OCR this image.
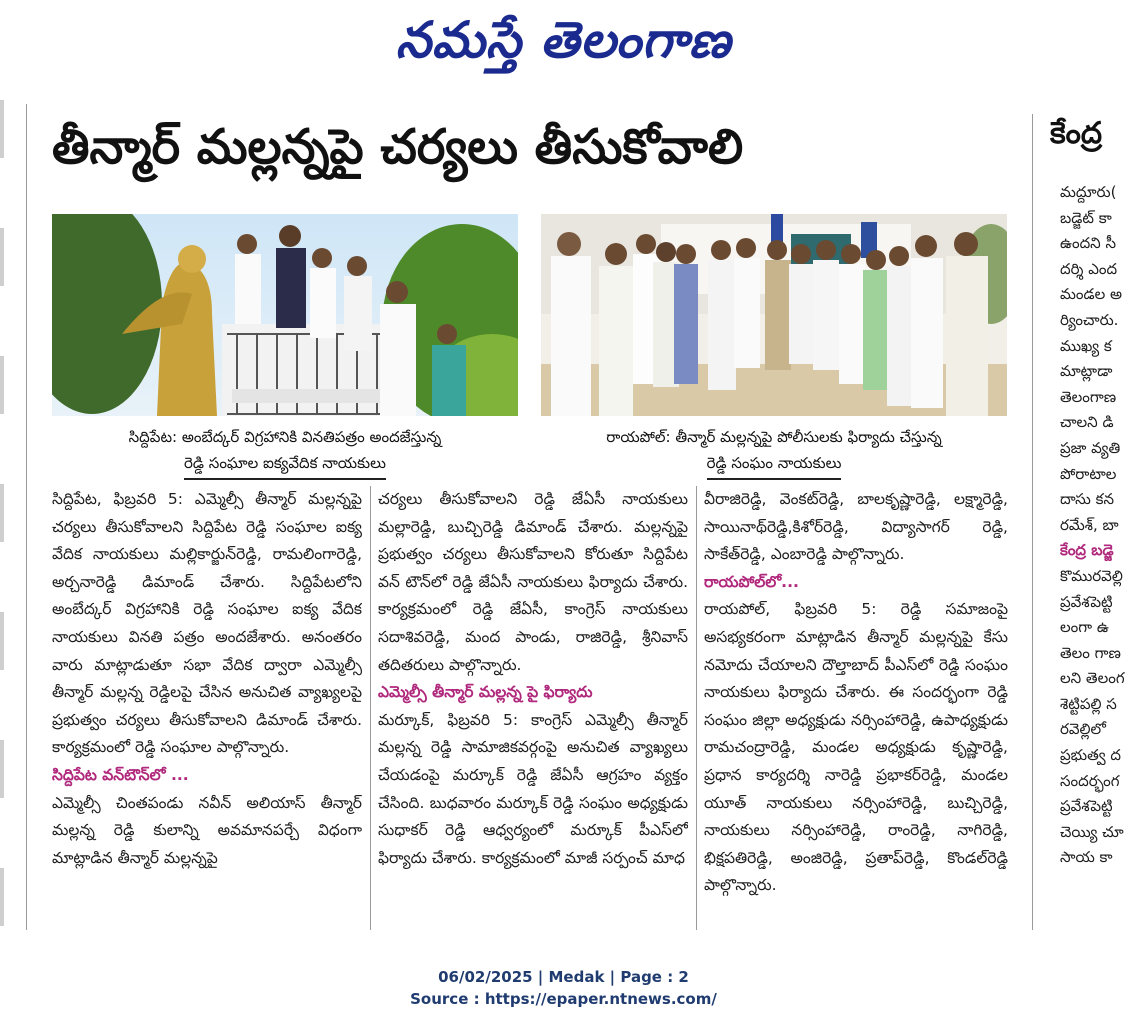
నమస్తే తెలంగాణ
తీన్మార్ మల్లన్నపై చర్యలు తీసుకోవాలి
సిద్దిపేట: అంబేద్కర్ విగ్రహానికి వినతిపత్రం అందజేస్తున్న
రెడ్డి సంఘాల ఐక్యవేదిక నాయకులు
రాయపోల్: తీన్మార్ మల్లన్నపై పోలీసులకు ఫిర్యాదు చేస్తున్న
రెడ్డి సంఘం నాయకులు

సిద్దిపేట, ఫిబ్రవరి 5: ఎమ్మెల్సీ తీన్మార్ మల్లన్నపై చర్యలు తీసుకోవాలని సిద్దిపేట రెడ్డి సంఘాల ఐక్య వేదిక నాయకులు మల్లికార్జున్‌రెడ్డి, రామలింగారెడ్డి, అర్చనారెడ్డి డిమాండ్ చేశారు. సిద్దిపేటలోని అంబేద్కర్ విగ్రహానికి రెడ్డి సంఘాల ఐక్య వేదిక నాయకులు వినతి పత్రం అందజేశారు. అనంతరం వారు మాట్లాడుతూ సభా వేదిక ద్వారా ఎమ్మెల్సీ తీన్మార్ మల్లన్న రెడ్డిలపై చేసిన అనుచిత వ్యాఖ్యలపై ప్రభుత్వం చర్యలు తీసుకోవాలని డిమాండ్ చేశారు. కార్యక్రమంలో రెడ్డి సంఘాల పాల్గొన్నారు.

సిద్దిపేట వన్‌టౌన్‌లో ...

ఎమ్మెల్సీ చింతపండు నవీన్ అలియాస్ తీన్మార్ మల్లన్న రెడ్డి కులాన్ని అవమానపర్చే విధంగా మాట్లాడిన తీన్మార్ మల్లన్నపై

చర్యలు తీసుకోవాలని రెడ్డి జేఏసీ నాయకులు మల్లారెడ్డి, బుచ్చిరెడ్డి డిమాండ్ చేశారు. మల్లన్నపై ప్రభుత్వం చర్యలు తీసుకోవాలని కోరుతూ సిద్దిపేట వన్ టౌన్‌లో రెడ్డి జేఏసీ నాయకులు ఫిర్యాదు చేశారు. కార్యక్రమంలో రెడ్డి జేఏసీ, కాంగ్రెస్ నాయకులు సదాశివరెడ్డి, మంద పాండు, రాజిరెడ్డి, శ్రీనివాస్ తదితరులు పాల్గొన్నారు.

ఎమ్మెల్సీ తీన్మార్ మల్లన్న పై ఫిర్యాదు

మర్కూక్, ఫిబ్రవరి 5: కాంగ్రెస్ ఎమ్మెల్సీ తీన్మార్ మల్లన్న రెడ్డి సామాజికవర్గంపై అనుచిత వ్యాఖ్యలు చేయడంపై మర్కూక్ రెడ్డి జేఏసీ ఆగ్రహం వ్యక్తం చేసింది. బుధవారం మర్కూక్ రెడ్డి సంఘం అధ్యక్షుడు సుధాకర్ రెడ్డి ఆధ్వర్యంలో మర్కూక్ పీఎస్‌లో ఫిర్యాదు చేశారు. కార్యక్రమంలో మాజీ సర్పంచ్ మాధ

వీరాజిరెడ్డి, వెంకట్‌రెడ్డి, బాలకృష్ణారెడ్డి, లక్ష్మారెడ్డి, సాయినాథ్‌రెడ్డి,కిశోర్‌రెడ్డి, విద్యాసాగర్ రెడ్డి, సాకేత్‌రెడ్డి, ఎంబారెడ్డి పాల్గొన్నారు.

రాయపోల్‌లో...

రాయపోల్, ఫిబ్రవరి 5: రెడ్డి సమాజంపై అసభ్యకరంగా మాట్లాడిన తీన్మార్ మల్లన్నపై కేసు నమోదు చేయాలని దౌల్తాబాద్ పీఎస్‌లో రెడ్డి సంఘం నాయకులు ఫిర్యాదు చేశారు. ఈ సందర్భంగా రెడ్డి సంఘం జిల్లా అధ్యక్షుడు నర్సింహారెడ్డి, ఉపాధ్యక్షుడు రామచంద్రారెడ్డి, మండల అధ్యక్షుడు కృష్ణారెడ్డి, ప్రధాన కార్యదర్శి నారెడ్డి ప్రభాకర్‌రెడ్డి, మండల యూత్ నాయకులు నర్సింహారెడ్డి, బుచ్చిరెడ్డి, నాయకులు నర్సింహారెడ్డి, రాంరెడ్డి, నాగిరెడ్డి, భిక్షపతిరెడ్డి, అంజిరెడ్డి, ప్రతాప్‌రెడ్డి, కొండల్‌రెడ్డి పాల్గొన్నారు.

కేంద్ర
మద్దూరు(
బడ్జెట్ కా
ఉందని సీ
దర్శి ఎంద
మండల అ
ర్యించారు.
ముఖ్య క
మాట్లాడా
తెలంగాణ
చాలని డి
ప్రజా వ్యతి
పోరాటాల
దాసు కన
రమేశ్, బా
కేంద్ర బడ్జె
కొమురవెల్లి
ప్రవేశపెట్టి
లంగా ఉ
తెలం గాణ
లని తెలంగ
శెట్టిపల్లి స
రవెల్లిలో
ప్రభుత్వ ద
సందర్భంగ
ప్రవేశపెట్టి
చెయ్యి చూ
సాయ కా
06/02/2025 | Medak | Page : 2
Source : https://epaper.ntnews.com/
